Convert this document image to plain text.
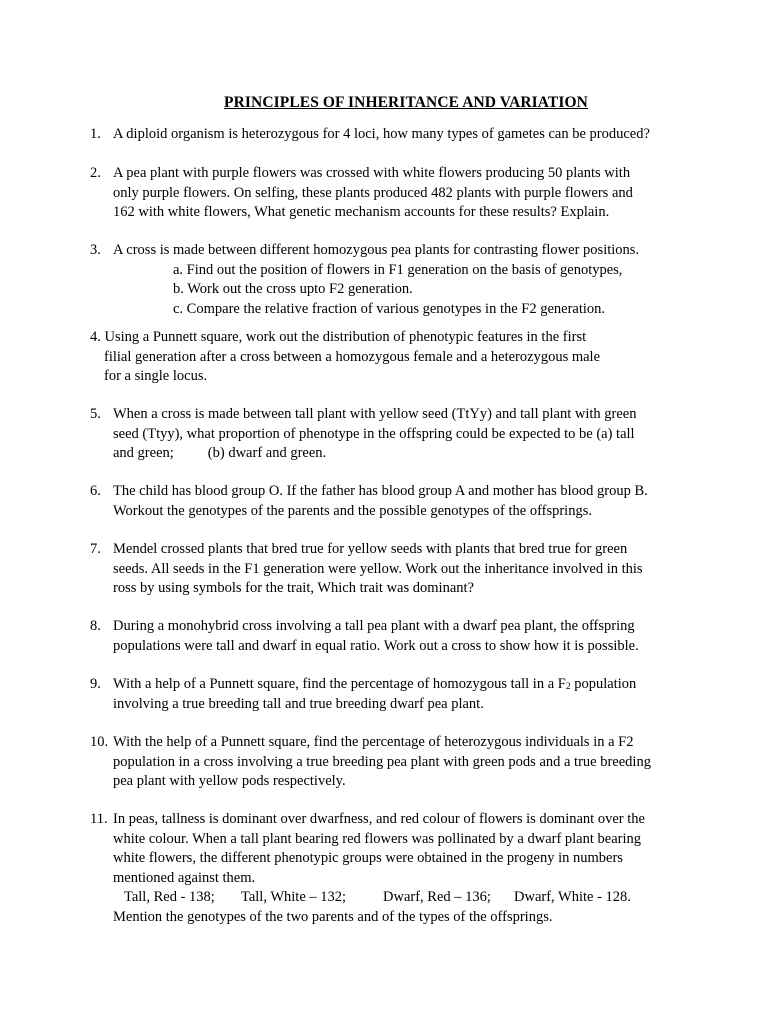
PRINCIPLES OF INHERITANCE AND VARIATION
1. A diploid organism is heterozygous for 4 loci, how many types of gametes can be produced?
2. A pea plant with purple flowers was crossed with white flowers producing 50 plants with
only purple flowers. On selfing, these plants produced 482 plants with purple flowers and
162 with white flowers, What genetic mechanism accounts for these results? Explain.
3. A cross is made between different homozygous pea plants for contrasting flower positions.
a. Find out the position of flowers in F1 generation on the basis of genotypes,
b. Work out the cross upto F2 generation.
c. Compare the relative fraction of various genotypes in the F2 generation.
4. Using a Punnett square, work out the distribution of phenotypic features in the first
filial generation after a cross between a homozygous female and a heterozygous male
for a single locus.
5. When a cross is made between tall plant with yellow seed (TtYy) and tall plant with green
seed (Ttyy), what proportion of phenotype in the offspring could be expected to be (a) tall
and green; (b) dwarf and green.
6. The child has blood group O. If the father has blood group A and mother has blood group B.
Workout the genotypes of the parents and the possible genotypes of the offsprings.
7. Mendel crossed plants that bred true for yellow seeds with plants that bred true for green
seeds. All seeds in the F1 generation were yellow. Work out the inheritance involved in this
ross by using symbols for the trait, Which trait was dominant?
8. During a monohybrid cross involving a tall pea plant with a dwarf pea plant, the offspring
populations were tall and dwarf in equal ratio. Work out a cross to show how it is possible.
9. With a help of a Punnett square, find the percentage of homozygous tall in a $F_2$ population
involving a true breeding tall and true breeding dwarf pea plant.
10. With the help of a Punnett square, find the percentage of heterozygous individuals in a F2
population in a cross involving a true breeding pea plant with green pods and a true breeding
pea plant with yellow pods respectively.
11. In peas, tallness is dominant over dwarfness, and red colour of flowers is dominant over the
white colour. When a tall plant bearing red flowers was pollinated by a dwarf plant bearing
white flowers, the different phenotypic groups were obtained in the progeny in numbers
mentioned against them.
Tall, Red - 138; Tall, White – 132;	Dwarf, Red – 136; Dwarf, White - 128.
Mention the genotypes of the two parents and of the types of the offsprings.
